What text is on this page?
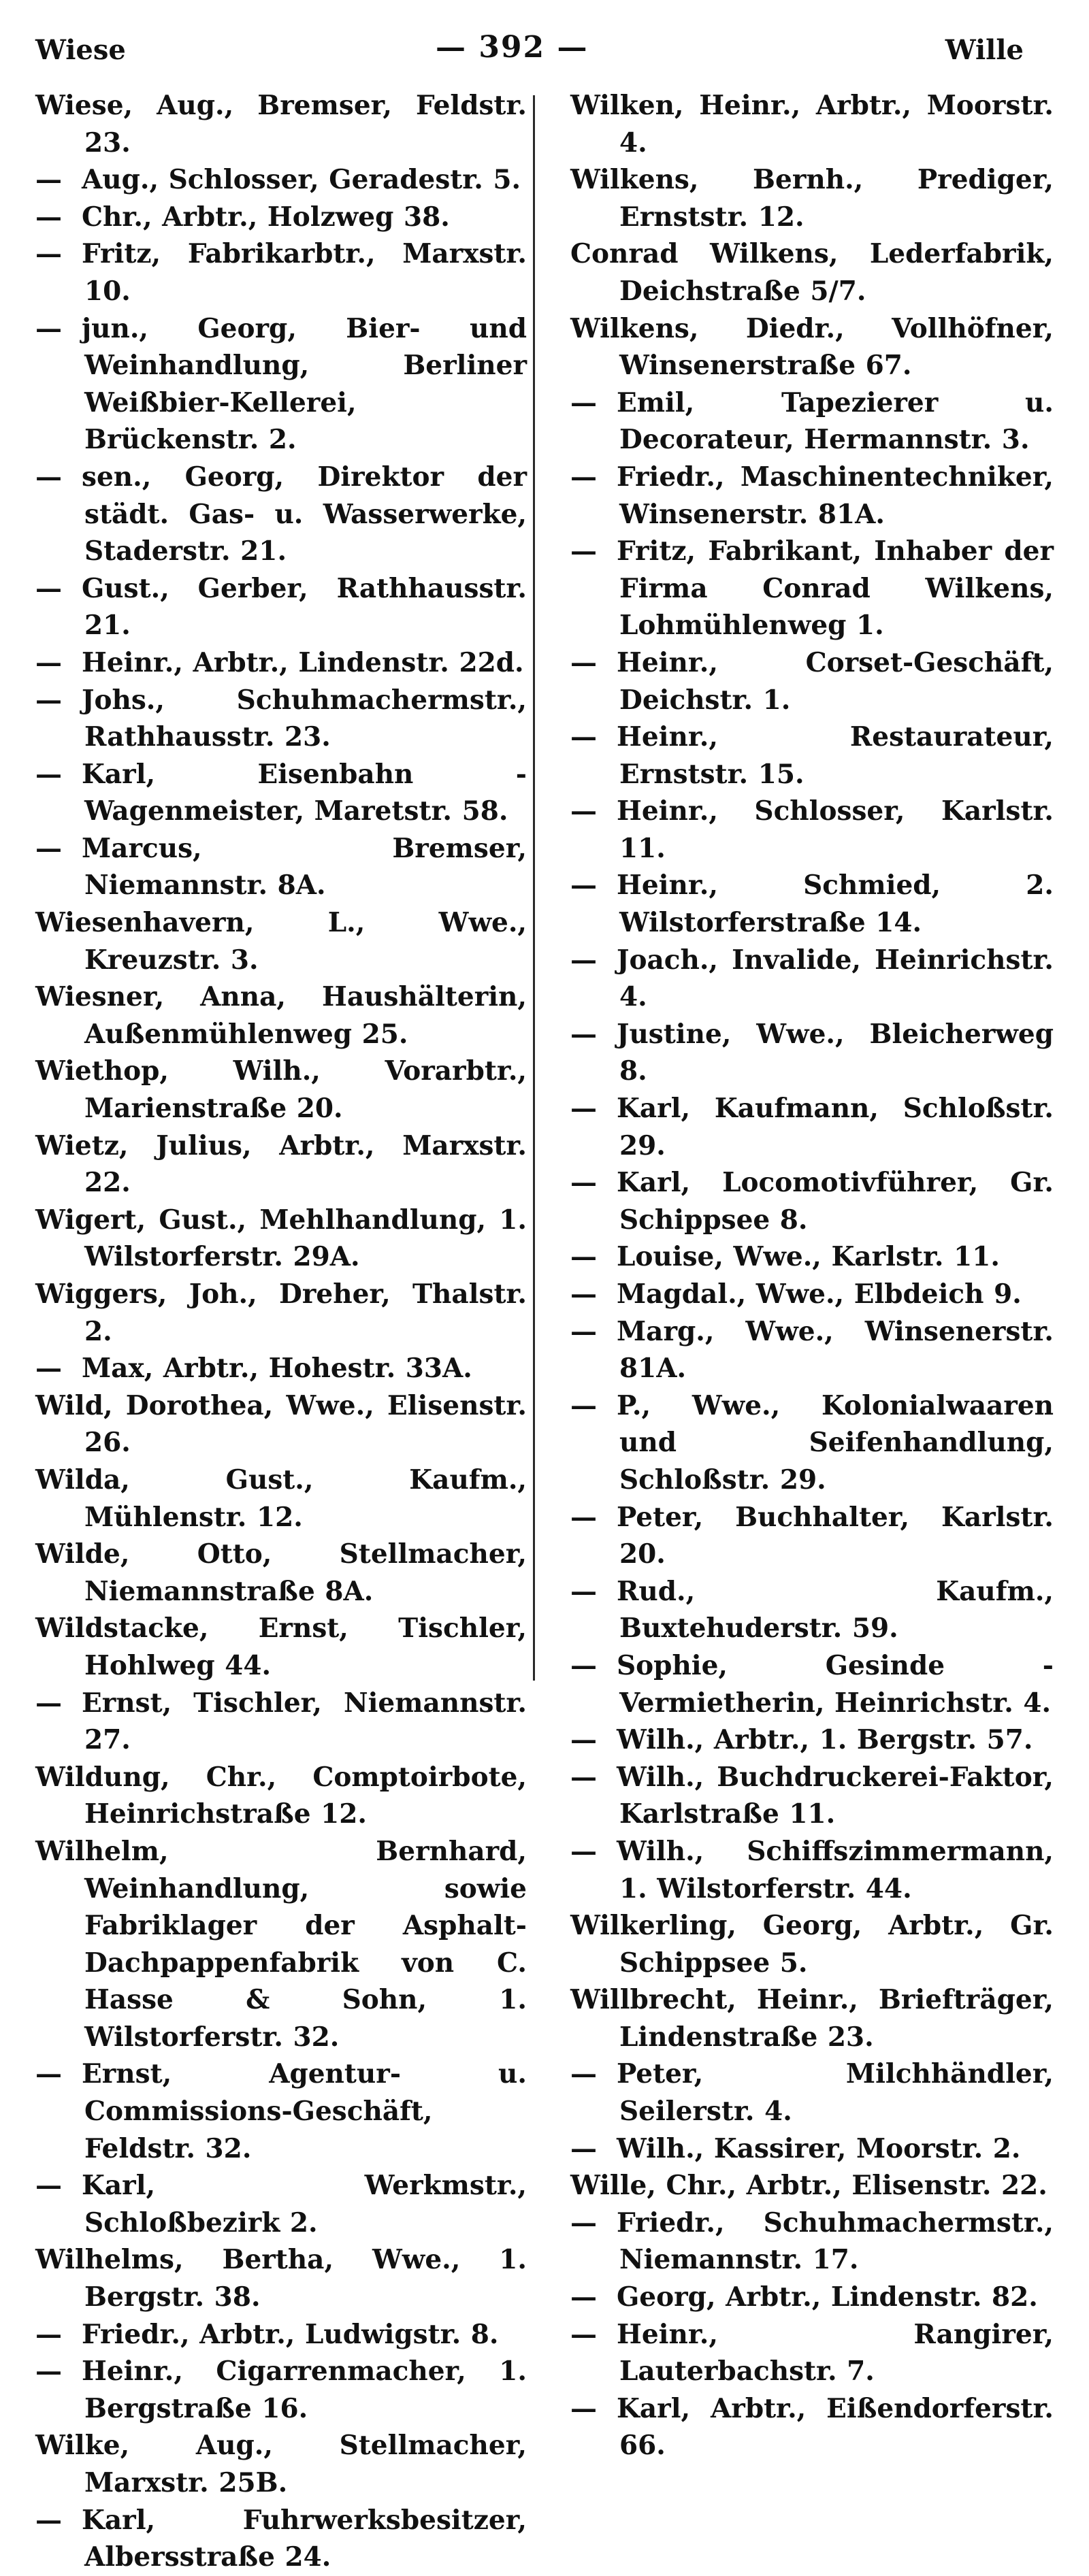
Wiese	— 392 —	Wille
Wiese, Aug., Bremser, Feldstr. 23.
— Aug., Schlosser, Geradestr. 5.
— Chr., Arbtr., Holzweg 38.
— Fritz, Fabrikarbtr., Marxstr. 10.
— jun., Georg, Bier- und Weinhandlung, Berliner Weißbier-Kellerei, Brückenstr. 2.
— sen., Georg, Direktor der städt. Gas- u. Wasserwerke, Staderstr. 21.
— Gust., Gerber, Rathhausstr. 21.
— Heinr., Arbtr., Lindenstr. 22d.
— Johs., Schuhmachermstr., Rathhausstr. 23.
— Karl, Eisenbahn - Wagenmeister, Maretstr. 58.
— Marcus, Bremser, Niemannstr. 8A.
Wiesenhavern, L., Wwe., Kreuzstr. 3.
Wiesner, Anna, Haushälterin, Außenmühlenweg 25.
Wiethop, Wilh., Vorarbtr., Marienstraße 20.
Wietz, Julius, Arbtr., Marxstr. 22.
Wigert, Gust., Mehlhandlung, 1. Wilstorferstr. 29A.
Wiggers, Joh., Dreher, Thalstr. 2.
— Max, Arbtr., Hohestr. 33A.
Wild, Dorothea, Wwe., Elisenstr. 26.
Wilda, Gust., Kaufm., Mühlenstr. 12.
Wilde, Otto, Stellmacher, Niemannstraße 8A.
Wildstacke, Ernst, Tischler, Hohlweg 44.
— Ernst, Tischler, Niemannstr. 27.
Wildung, Chr., Comptoirbote, Heinrichstraße 12.
Wilhelm, Bernhard, Weinhandlung, sowie Fabriklager der Asphalt-Dachpappenfabrik von C. Hasse & Sohn, 1. Wilstorferstr. 32.
— Ernst, Agentur- u. Commissions-Geschäft, Feldstr. 32.
— Karl, Werkmstr., Schloßbezirk 2.
Wilhelms, Bertha, Wwe., 1. Bergstr. 38.
— Friedr., Arbtr., Ludwigstr. 8.
— Heinr., Cigarrenmacher, 1. Bergstraße 16.
Wilke, Aug., Stellmacher, Marxstr. 25B.
— Karl, Fuhrwerksbesitzer, Albersstraße 24.
Wilken, Heinr., Arbtr., Moorstr. 4.
Wilkens, Bernh., Prediger, Ernststr. 12.
Conrad Wilkens, Lederfabrik, Deichstraße 5/7.
Wilkens, Diedr., Vollhöfner, Winsenerstraße 67.
— Emil, Tapezierer u. Decorateur, Hermannstr. 3.
— Friedr., Maschinentechniker, Winsenerstr. 81A.
— Fritz, Fabrikant, Inhaber der Firma Conrad Wilkens, Lohmühlenweg 1.
— Heinr., Corset-Geschäft, Deichstr. 1.
— Heinr., Restaurateur, Ernststr. 15.
— Heinr., Schlosser, Karlstr. 11.
— Heinr., Schmied, 2. Wilstorferstraße 14.
— Joach., Invalide, Heinrichstr. 4.
— Justine, Wwe., Bleicherweg 8.
— Karl, Kaufmann, Schloßstr. 29.
— Karl, Locomotivführer, Gr. Schippsee 8.
— Louise, Wwe., Karlstr. 11.
— Magdal., Wwe., Elbdeich 9.
— Marg., Wwe., Winsenerstr. 81A.
— P., Wwe., Kolonialwaaren und Seifenhandlung, Schloßstr. 29.
— Peter, Buchhalter, Karlstr. 20.
— Rud., Kaufm., Buxtehuderstr. 59.
— Sophie, Gesinde - Vermietherin, Heinrichstr. 4.
— Wilh., Arbtr., 1. Bergstr. 57.
— Wilh., Buchdruckerei-Faktor, Karlstraße 11.
— Wilh., Schiffszimmermann, 1. Wilstorferstr. 44.
Wilkerling, Georg, Arbtr., Gr. Schippsee 5.
Willbrecht, Heinr., Briefträger, Lindenstraße 23.
— Peter, Milchhändler, Seilerstr. 4.
— Wilh., Kassirer, Moorstr. 2.
Wille, Chr., Arbtr., Elisenstr. 22.
— Friedr., Schuhmachermstr., Niemannstr. 17.
— Georg, Arbtr., Lindenstr. 82.
— Heinr., Rangirer, Lauterbachstr. 7.
— Karl, Arbtr., Eißendorferstr. 66.
